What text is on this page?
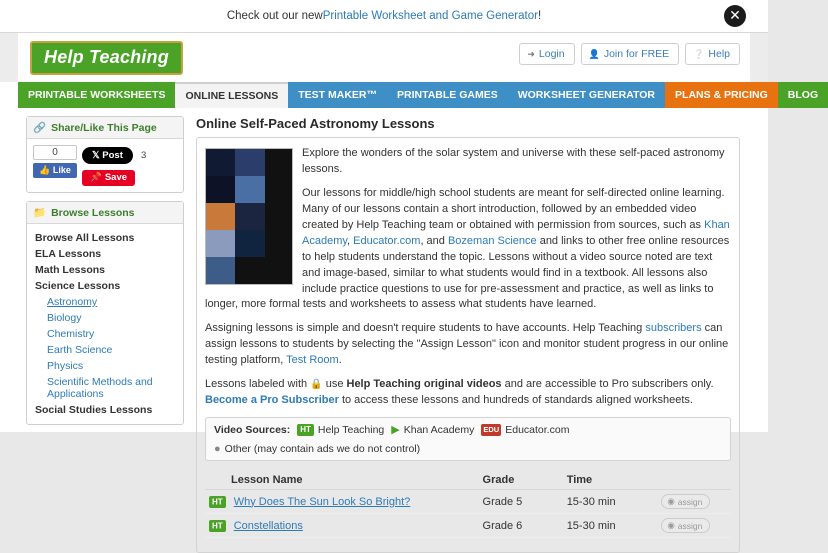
Check out our new Printable Worksheet and Game Generator !	✕
Help Teaching	➜ Login	👤 Join for FREE	❔ Help
PRINTABLE WORKSHEETS	ONLINE LESSONS	TEST MAKER™	PRINTABLE GAMES	WORKSHEET GENERATOR	PLANS & PRICING	BLOG
🔗 Share/Like This Page
0
👍 Like
𝕏 Post 3
📌 Save
📁 Browse Lessons
Browse All Lessons
ELA Lessons
Math Lessons
Science Lessons
Astronomy
Biology
Chemistry
Earth Science
Physics
Scientific Methods and Applications
Social Studies Lessons
Online Self-Paced Astronomy Lessons

Explore the wonders of the solar system and universe with these self-paced astronomy lessons.

Our lessons for middle/high school students are meant for self-directed online learning. Many of our lessons contain a short introduction, followed by an embedded video created by Help Teaching team or obtained with permission from sources, such as Khan Academy, Educator.com, and Bozeman Science and links to other free online resources to help students understand the topic. Lessons without a video source noted are text and image-based, similar to what students would find in a textbook. All lessons also include practice questions to use for pre-assessment and practice, as well as links to longer, more formal tests and worksheets to assess what students have learned.

Assigning lessons is simple and doesn't require students to have accounts. Help Teaching subscribers can assign lessons to students by selecting the "Assign Lesson" icon and monitor student progress in our online testing platform, Test Room.

Lessons labeled with 🔒 use Help Teaching original videos and are accessible to Pro subscribers only. Become a Pro Subscriber to access these lessons and hundreds of standards aligned worksheets.

Video Sources:	HT Help Teaching ▶ Khan Academy EDU Educator.com
● Other (may contain ads we do not control)
Lesson Name	Grade	Time	
HT Why Does The Sun Look So Bright?	Grade 5	15-30 min	◉ assign

HT Constellations	Grade 6	15-30 min	◉ assign
